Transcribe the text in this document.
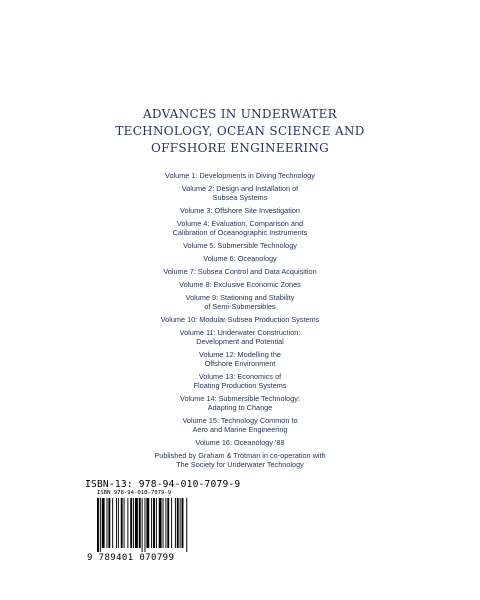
ADVANCES IN UNDERWATER
TECHNOLOGY, OCEAN SCIENCE AND
OFFSHORE ENGINEERING
Volume 1: Developments in Diving Technology
Volume 2: Design and Installation of
Subsea Systems
Volume 3: Offshore Site Investigation
Volume 4: Evaluation, Comparison and
Calibration of Oceanographic Instruments
Volume 5: Submersible Technology
Volume 6: Oceanology
Volume 7: Subsea Control and Data Acquisition
Volume 8: Exclusive Economic Zones
Volume 9: Stationing and Stability
of Semi-Submersibles
Volume 10: Modular Subsea Production Systems
Volume 11: Underwater Construction:
Development and Potential
Volume 12: Modelling the
Offshore Environment
Volume 13: Economics of
Floating Production Systems
Volume 14: Submersible Technology:
Adapting to Change
Volume 15: Technology Common to
Aero and Marine Engineering
Volume 16: Oceanology '88
Published by Graham & Trotman in co-operation with
The Society for Underwater Technology
ISBN-13: 978-94-010-7079-9
ISBN 978-94-010-7079-9
9 789401 070799
